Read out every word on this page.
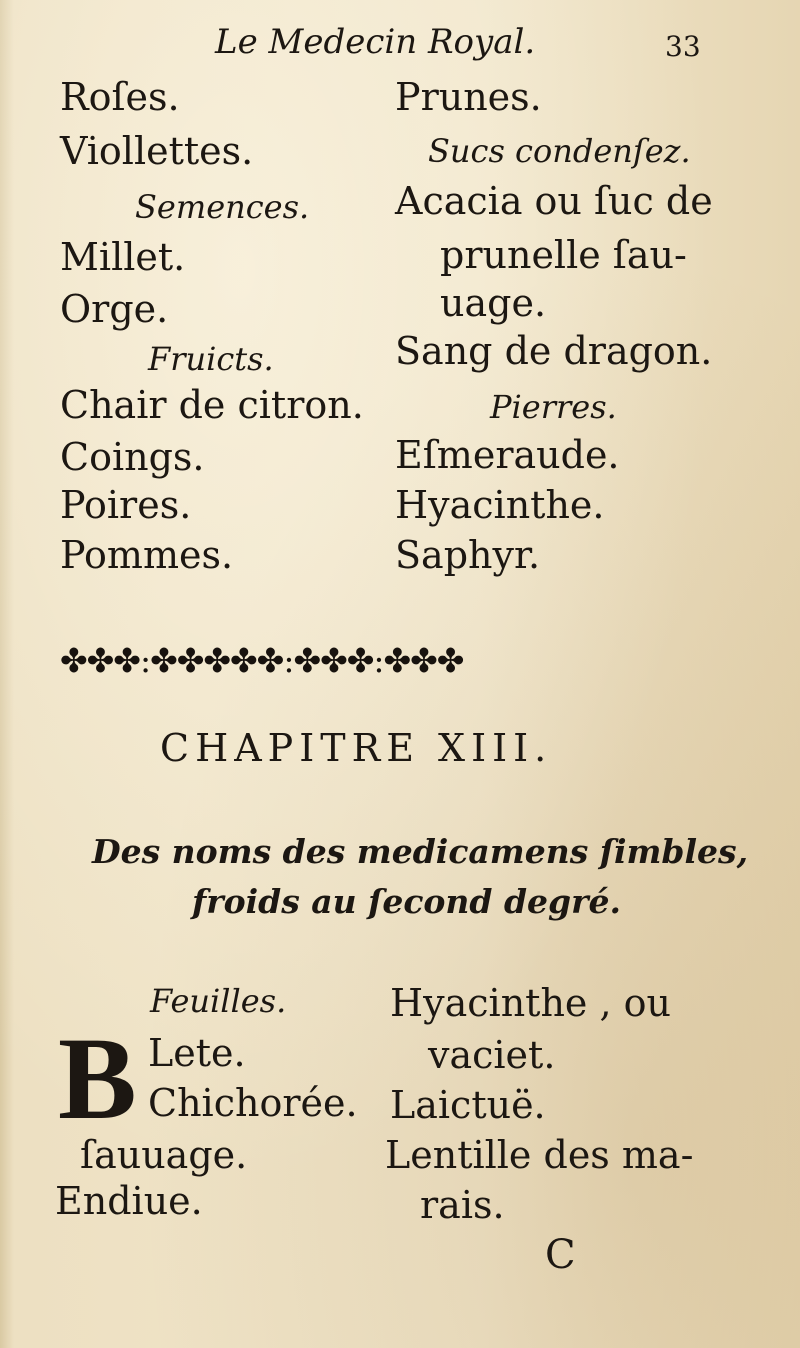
Le Medecin Royal.	33
Roſes.
Viollettes.
Semences.
Millet.
Orge.
Fruicts.
Chair de citron.
Coings.
Poires.
Pommes.
Prunes.
Sucs condenſez.
Acacia ou ſuc de
prunelle ſau-
uage.
Sang de dragon.
Pierres.
Eſmeraude.
Hyacinthe.
Saphyr.
✤✤✤:✤✤✤✤✤:✤✤✤:✤✤✤
CHAPITRE XIII.
Des noms des medicamens ſimbles,
froids au ſecond degré.
Feuilles.
B Lete.
Chichorée.
ſauuage.
Endiue.
Hyacinthe , ou
vaciet.
Laictuë.
Lentille des ma-
rais.
C
